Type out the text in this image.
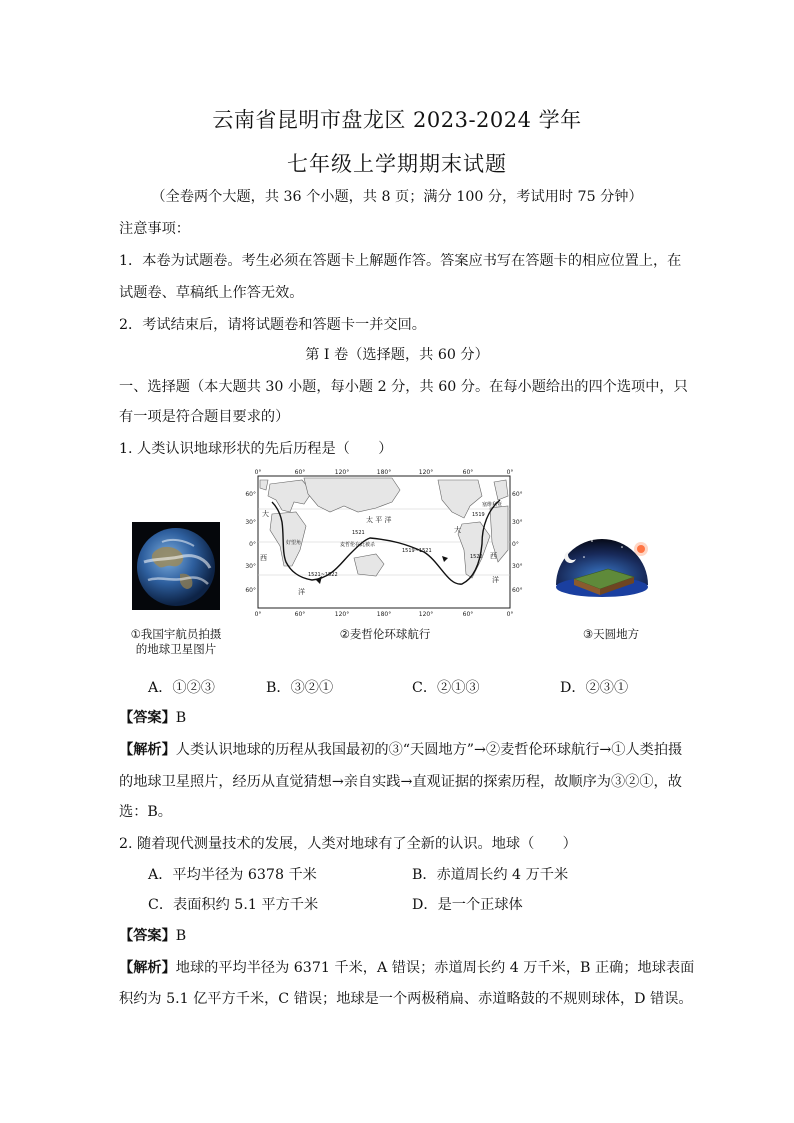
云南省昆明市盘龙区 2023-2024 学年
七年级上学期期末试题
（全卷两个大题，共 36 个小题，共 8 页；满分 100 分，考试用时 75 分钟）
注意事项：
1．本卷为试题卷。考生必须在答题卡上解题作答。答案应书写在答题卡的相应位置上，在
试题卷、草稿纸上作答无效。
2．考试结束后，请将试题卷和答题卡一并交回。
第 I 卷（选择题，共 60 分）
一、选择题（本大题共 30 小题，每小题 2 分，共 60 分。在每小题给出的四个选项中，只
有一项是符合题目要求的）
1. 人类认识地球形状的先后历程是（　　）
①我国宇航员拍摄
的地球卫星图片
0°	60°	120°	180°	120°	60°	0°
0°	60°	120°	180°	120°	60°	0°
60°
30°
0°
30°
60°
60°
30°
0°
30°
60°
太 平 洋
大
西
洋
大
西
洋
1519~1521
1521~1522
1521
1519
1522
塞维利亚
麦哲伦在此被杀
好望角
②麦哲伦环球航行	③天圆地方
A．①②③	B．③②①	C．②①③	D．②③①
【答案】B
【解析】人类认识地球的历程从我国最初的③“天圆地方”→②麦哲伦环球航行→①人类拍摄
的地球卫星照片，经历从直觉猜想→亲自实践→直观证据的探索历程，故顺序为③②①，故
选：B。
2. 随着现代测量技术的发展，人类对地球有了全新的认识。地球（　　）
A．平均半径为 6378 千米	B．赤道周长约 4 万千米
C．表面积约 5.1 平方千米	D．是一个正球体
【答案】B
【解析】地球的平均半径为 6371 千米，A 错误；赤道周长约 4 万千米，B 正确；地球表面
积约为 5.1 亿平方千米，C 错误；地球是一个两极稍扁、赤道略鼓的不规则球体，D 错误。
